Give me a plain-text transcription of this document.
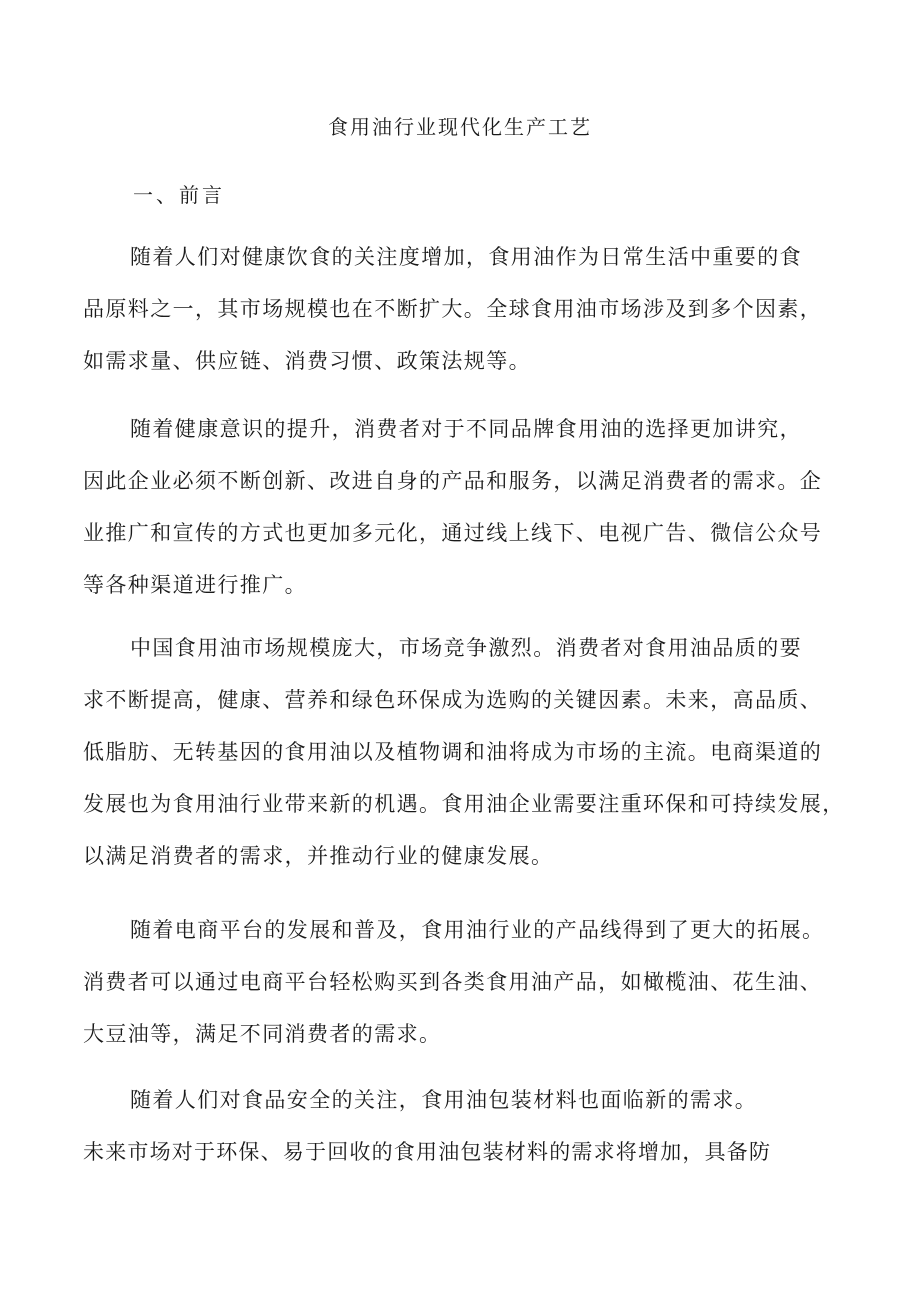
食用油行业现代化生产工艺
一、前言
随着人们对健康饮食的关注度增加，食用油作为日常生活中重要的食
品原料之一，其市场规模也在不断扩大。全球食用油市场涉及到多个因素，
如需求量、供应链、消费习惯、政策法规等。
随着健康意识的提升，消费者对于不同品牌食用油的选择更加讲究，
因此企业必须不断创新、改进自身的产品和服务，以满足消费者的需求。企
业推广和宣传的方式也更加多元化，通过线上线下、电视广告、微信公众号
等各种渠道进行推广。
中国食用油市场规模庞大，市场竞争激烈。消费者对食用油品质的要
求不断提高，健康、营养和绿色环保成为选购的关键因素。未来，高品质、
低脂肪、无转基因的食用油以及植物调和油将成为市场的主流。电商渠道的
发展也为食用油行业带来新的机遇。食用油企业需要注重环保和可持续发展，
以满足消费者的需求，并推动行业的健康发展。
随着电商平台的发展和普及，食用油行业的产品线得到了更大的拓展。
消费者可以通过电商平台轻松购买到各类食用油产品，如橄榄油、花生油、
大豆油等，满足不同消费者的需求。
随着人们对食品安全的关注，食用油包装材料也面临新的需求。
未来市场对于环保、易于回收的食用油包装材料的需求将增加，具备防
